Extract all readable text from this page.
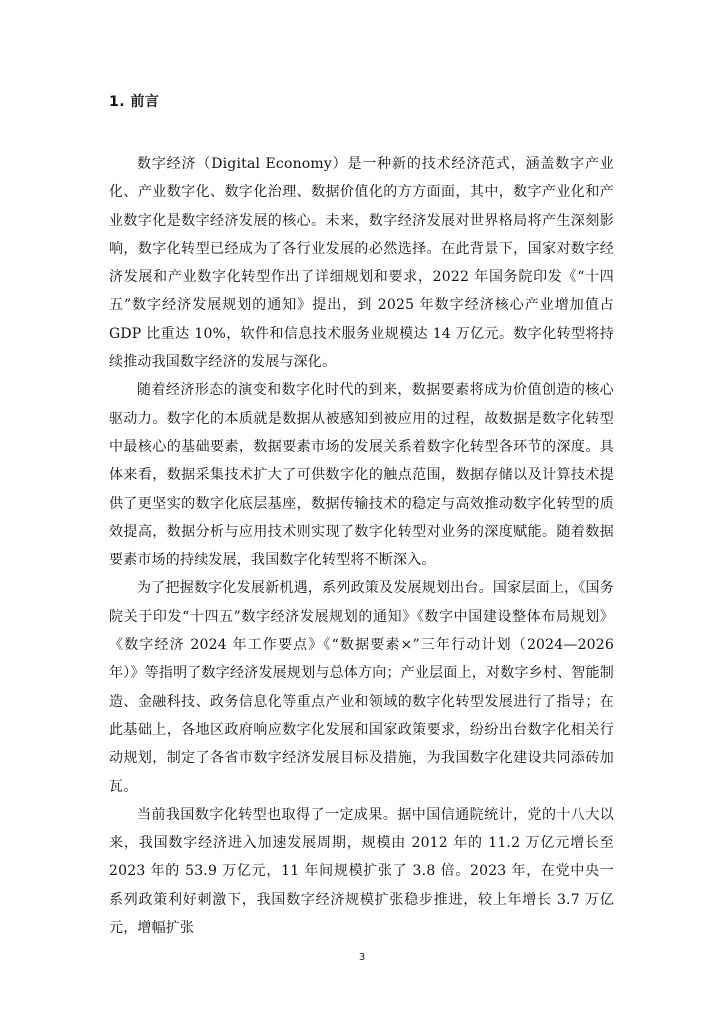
1. 前言

数字经济（Digital Economy）是一种新的技术经济范式，涵盖数字产业化、产业数字化、数字化治理、数据价值化的方方面面，其中，数字产业化和产业数字化是数字经济发展的核心。未来，数字经济发展对世界格局将产生深刻影响，数字化转型已经成为了各行业发展的必然选择。在此背景下，国家对数字经济发展和产业数字化转型作出了详细规划和要求，2022 年国务院印发《“十四五”数字经济发展规划的通知》提出，到 2025 年数字经济核心产业增加值占 GDP 比重达 10%，软件和信息技术服务业规模达 14 万亿元。数字化转型将持续推动我国数字经济的发展与深化。

随着经济形态的演变和数字化时代的到来，数据要素将成为价值创造的核心驱动力。数字化的本质就是数据从被感知到被应用的过程，故数据是数字化转型中最核心的基础要素，数据要素市场的发展关系着数字化转型各环节的深度。具体来看，数据采集技术扩大了可供数字化的触点范围，数据存储以及计算技术提供了更坚实的数字化底层基座，数据传输技术的稳定与高效推动数字化转型的质效提高，数据分析与应用技术则实现了数字化转型对业务的深度赋能。随着数据要素市场的持续发展，我国数字化转型将不断深入。

为了把握数字化发展新机遇，系列政策及发展规划出台。国家层面上，《国务院关于印发“十四五”数字经济发展规划的通知》《数字中国建设整体布局规划》《数字经济 2024 年工作要点》《“数据要素×”三年行动计划（2024—2026 年）》等指明了数字经济发展规划与总体方向；产业层面上，对数字乡村、智能制造、金融科技、政务信息化等重点产业和领域的数字化转型发展进行了指导；在此基础上，各地区政府响应数字化发展和国家政策要求，纷纷出台数字化相关行动规划，制定了各省市数字经济发展目标及措施，为我国数字化建设共同添砖加瓦。

当前我国数字化转型也取得了一定成果。据中国信通院统计，党的十八大以来，我国数字经济进入加速发展周期，规模由 2012 年的 11.2 万亿元增长至 2023 年的 53.9 万亿元，11 年间规模扩张了 3.8 倍。2023 年，在党中央一系列政策利好刺激下，我国数字经济规模扩张稳步推进，较上年增长 3.7 万亿元，增幅扩张

3
